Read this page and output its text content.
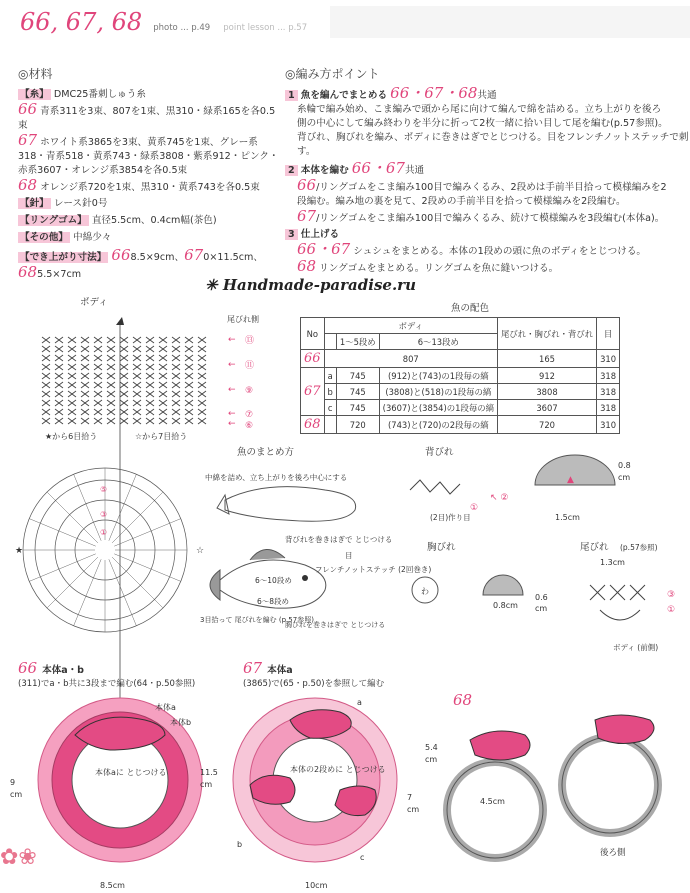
66, 67, 68 photo ... p.49 point lesson ... p.57
◎材料
【糸】 DMC25番刺しゅう糸
66 青系311を3束、807を1束、黒310・緑系165を各0.5
束
67 ホワイト系3865を3束、黄系745を1束、グレー系
318・青系518・黄系743・緑系3808・紫系912・ピンク・
赤系3607・オレンジ系3854を各0.5束
68 オレンジ系720を1束、黒310・黄系743を各0.5束
【針】 レース針0号
【リングゴム】 直径5.5cm、0.4cm幅(茶色)
【その他】 中綿少々
【でき上がり寸法】 668.5×9cm、670×11.5cm、
685.5×7cm
◎編み方ポイント
1 魚を編んでまとめる 66・67・68共通
糸輪で編み始め、こま編みで頭から尾に向けて編んで綿を詰める。立ち上がりを後ろ
側の中心にして編み終わりを半分に折って2枚一緒に拾い目して尾を編む(p.57参照)。
背びれ、胸びれを編み、ボディに巻きはぎでとじつける。目をフレンチノットステッチで刺
す。
2 本体を編む 66・67共通
66/リングゴムをこま編み100目で編みくるみ、2段めは手前半目拾って模様編みを2
段編む。編み地の裏を見て、2段めの手前半目を拾って模様編みを2段編む。
67/リングゴムをこま編み100目で編みくるみ、続けて模様編みを3段編む(本体a)。
3 仕上げる
66・67 シュシュをまとめる。本体の1段めの頭に魚のボディをとじつける。
68 リングゴムをまとめる。リングゴムを魚に縫いつける。
✳ Handmade-paradise.ru
ボディ
★から6目拾う	☆から7目拾う
⑤
③
①
★	☆
尾びれ側
← ⑬
← ⑪
← ⑨
← ⑦
← ⑥
魚の配色
No	ボディ			尾びれ・胸びれ・背びれ	目
		1〜5段め	6〜13段め		
66	807			165	310
67	a	745	(912)と(743)の1段毎の縞	912	318
	b	745	(3808)と(518)の1段毎の縞	3808	318
	c	745	(3607)と(3854)の1段毎の縞	3607	318
68		720	(743)と(720)の2段毎の縞	720	310
魚のまとめ方
中綿を詰め、立ち上がりを後ろ中心にする
6〜10段め
6〜8段め
背びれを巻きはぎで とじつける
目
フレンチノットステッチ (2回巻き)
3目拾って 尾びれを編む (p.57参照)
胸びれを巻きはぎで とじつける
背びれ
(2目)作り目
↖ ②
①
▲
0.8
cm
1.5cm
胸びれ
わ
0.8cm
0.6
cm
尾びれ (p.57参照)
1.3cm
③
①
ボディ (前側)
66 本体a・b
(311)でa・b共に3段まで編む(64・p.50参照)
本体a
本体b
本体aに とじつける
9
cm
8.5cm
67 本体a
(3865)で(65・p.50)を参照して編む
本体の2段めに とじつける
a
b
c
11.5
cm
7
cm
10cm
68
5.4
cm
4.5cm
後ろ側
✿❀
